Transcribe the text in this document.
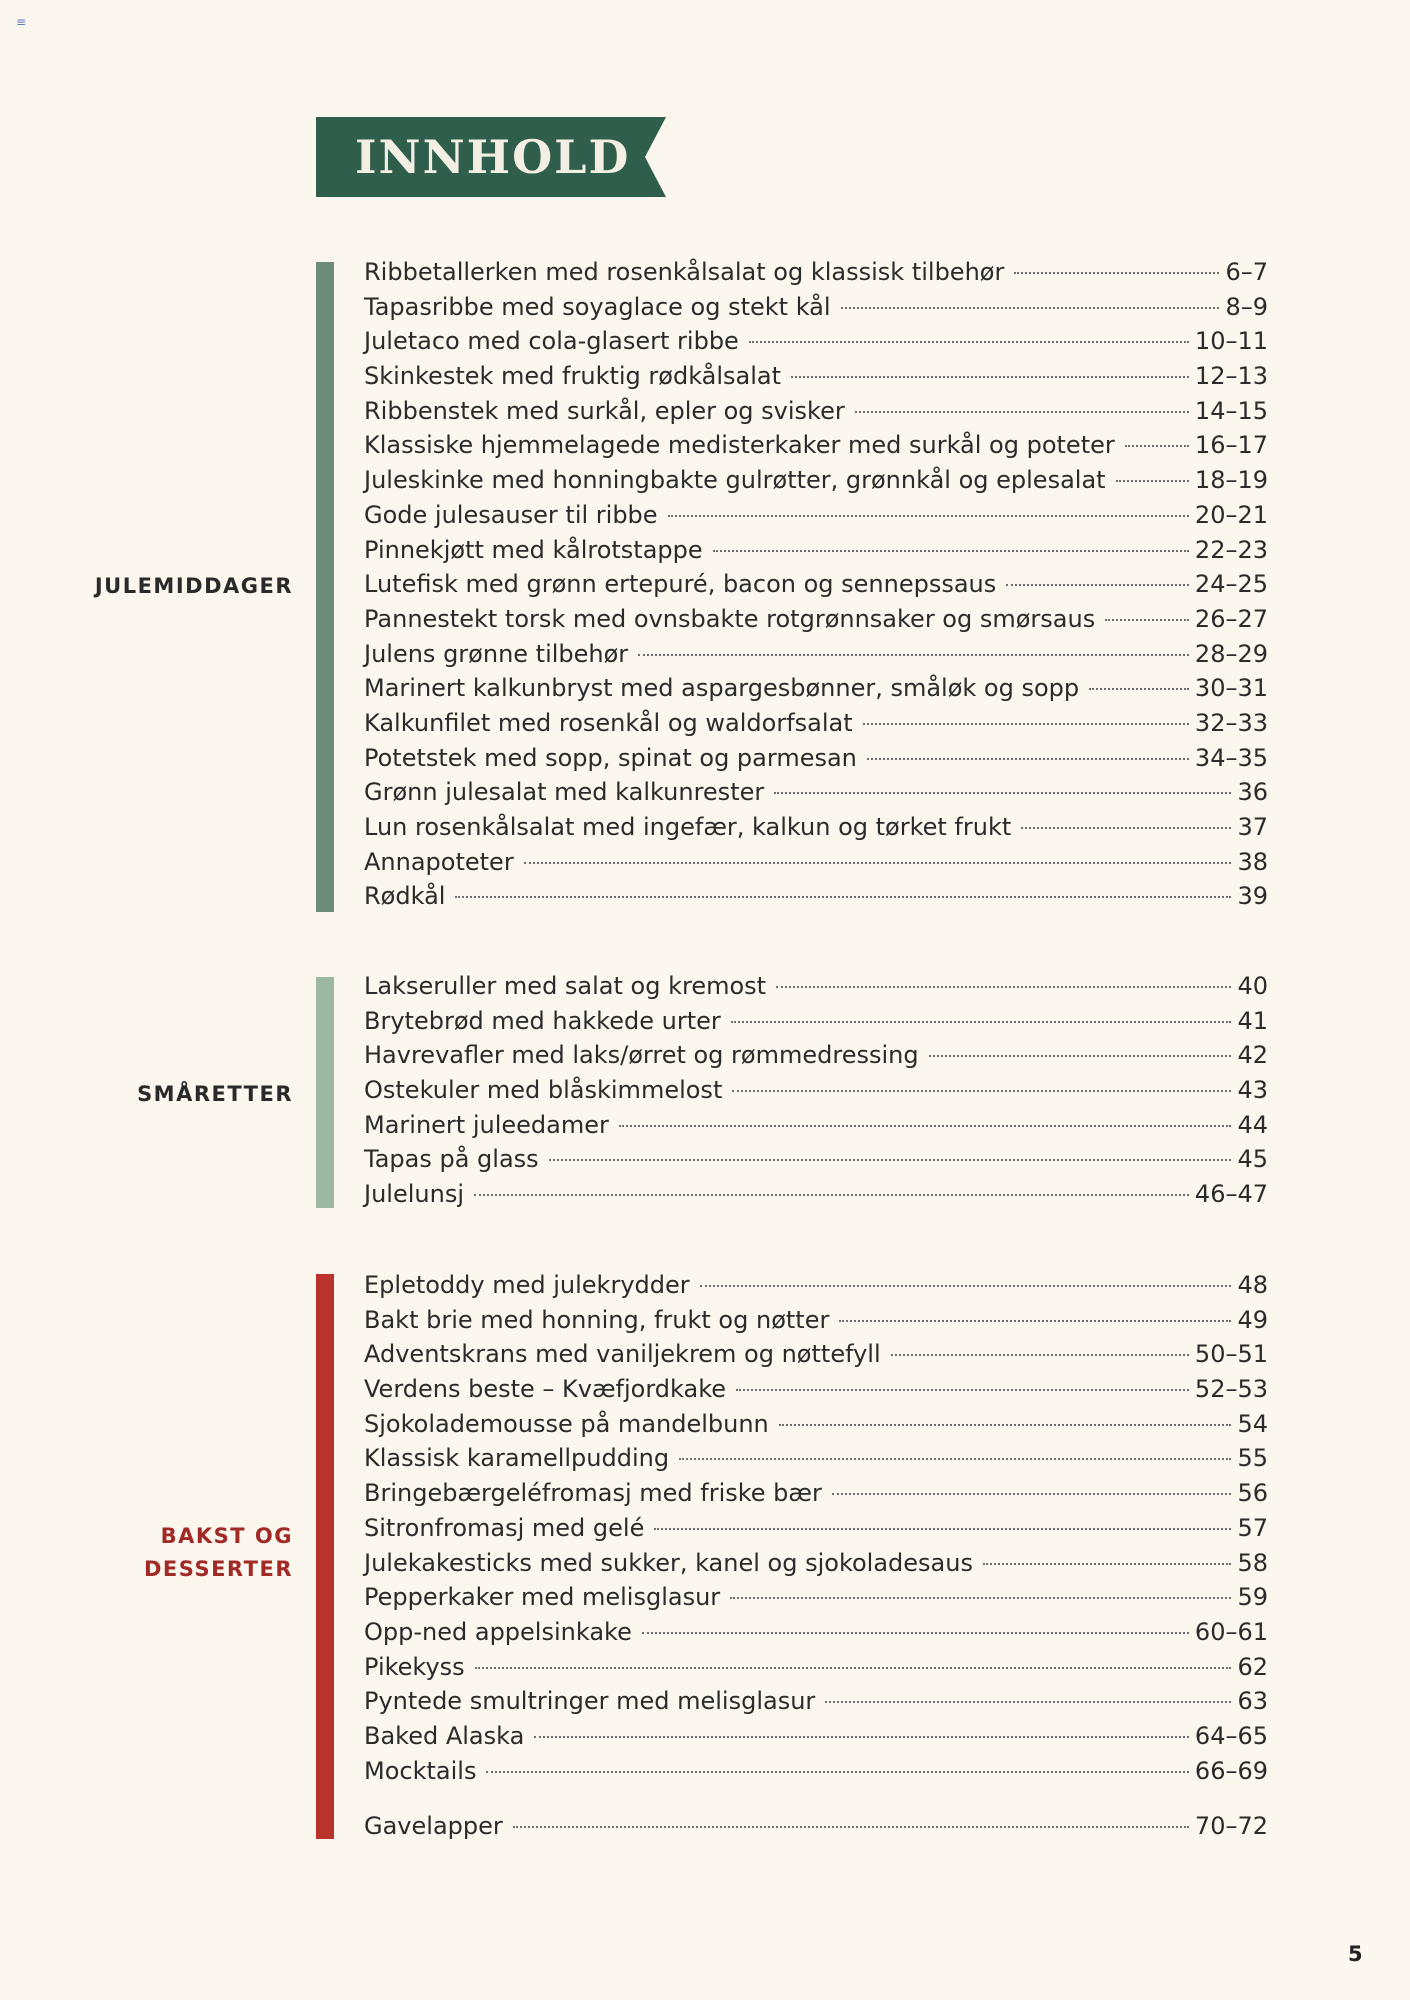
≡
INNHOLD
JULEMIDDAGER
Ribbetallerken med rosenkålsalat og klassisk tilbehør	6–7
Tapasribbe med soyaglace og stekt kål	8–9
Juletaco med cola-glasert ribbe	10–11
Skinkestek med fruktig rødkålsalat	12–13
Ribbenstek med surkål, epler og svisker	14–15
Klassiske hjemmelagede medisterkaker med surkål og poteter	16–17
Juleskinke med honningbakte gulrøtter, grønnkål og eplesalat	18–19
Gode julesauser til ribbe	20–21
Pinnekjøtt med kålrotstappe	22–23
Lutefisk med grønn ertepuré, bacon og sennepssaus	24–25
Pannestekt torsk med ovnsbakte rotgrønnsaker og smørsaus	26–27
Julens grønne tilbehør	28–29
Marinert kalkunbryst med aspargesbønner, småløk og sopp	30–31
Kalkunfilet med rosenkål og waldorfsalat	32–33
Potetstek med sopp, spinat og parmesan	34–35
Grønn julesalat med kalkunrester	36
Lun rosenkålsalat med ingefær, kalkun og tørket frukt	37
Annapoteter	38
Rødkål	39
SMÅRETTER
Lakseruller med salat og kremost	40
Brytebrød med hakkede urter	41
Havrevafler med laks/ørret og rømmedressing	42
Ostekuler med blåskimmelost	43
Marinert juleedamer	44
Tapas på glass	45
Julelunsj	46–47
BAKST OG
DESSERTER
Epletoddy med julekrydder	48
Bakt brie med honning, frukt og nøtter	49
Adventskrans med vaniljekrem og nøttefyll	50–51
Verdens beste – Kvæfjordkake	52–53
Sjokolademousse på mandelbunn	54
Klassisk karamellpudding	55
Bringebærgeléfromasj med friske bær	56
Sitronfromasj med gelé	57
Julekakesticks med sukker, kanel og sjokoladesaus	58
Pepperkaker med melisglasur	59
Opp-ned appelsinkake	60–61
Pikekyss	62
Pyntede smultringer med melisglasur	63
Baked Alaska	64–65
Mocktails	66–69
Gavelapper	70–72
5
